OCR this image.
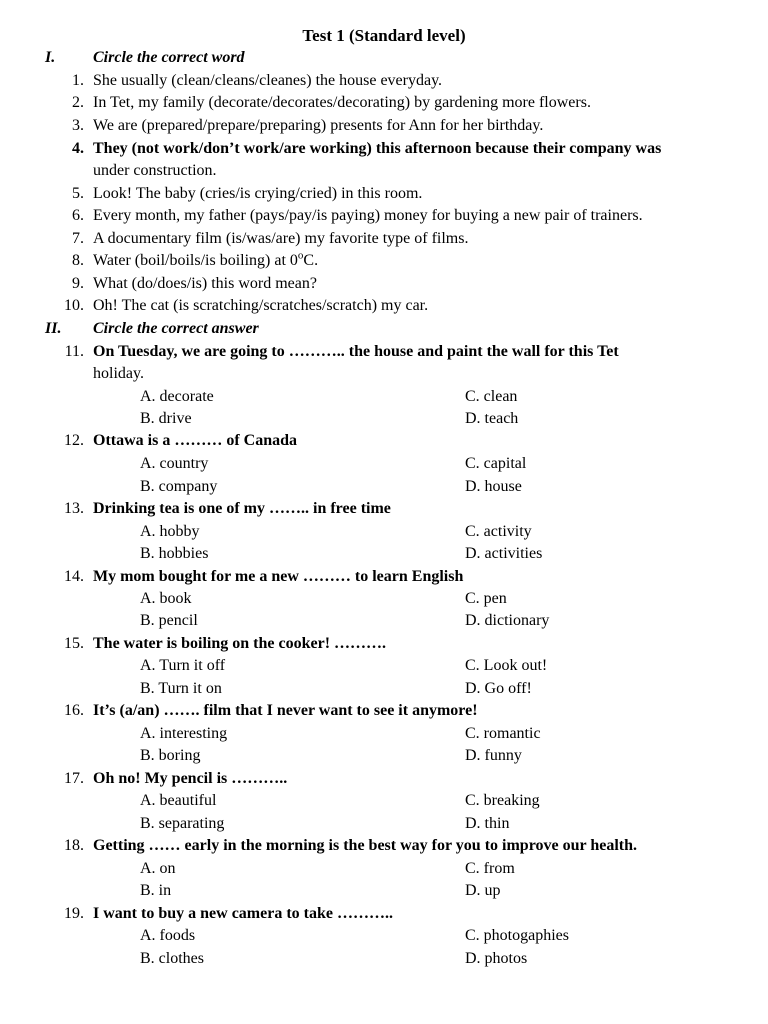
Test 1 (Standard level)
I. Circle the correct word
1. She usually (clean/cleans/cleanes) the house everyday.
2. In Tet, my family (decorate/decorates/decorating) by gardening more flowers.
3. We are (prepared/prepare/preparing) presents for Ann for her birthday.
4. They (not work/don’t work/are working) this afternoon because their company was
under construction.
5. Look! The baby (cries/is crying/cried) in this room.
6. Every month, my father (pays/pay/is paying) money for buying a new pair of trainers.
7. A documentary film (is/was/are) my favorite type of films.
8. Water (boil/boils/is boiling) at 0$^o$C.
9. What (do/does/is) this word mean?
10. Oh! The cat (is scratching/scratches/scratch) my car.
II. Circle the correct answer
11. On Tuesday, we are going to ……….. the house and paint the wall for this Tet
holiday.
A. decorate	C. clean
B. drive	D. teach
12. Ottawa is a ……… of Canada
A. country	C. capital
B. company	D. house
13. Drinking tea is one of my …….. in free time
A. hobby	C. activity
B. hobbies	D. activities
14. My mom bought for me a new ……… to learn English
A. book	C. pen
B. pencil	D. dictionary
15. The water is boiling on the cooker! ……….
A. Turn it off	C. Look out!
B. Turn it on	D. Go off!
16. It’s (a/an) ……. film that I never want to see it anymore!
A. interesting	C. romantic
B. boring	D. funny
17. Oh no! My pencil is ………..
A. beautiful	C. breaking
B. separating	D. thin
18. Getting …… early in the morning is the best way for you to improve our health.
A. on	C. from
B. in	D. up
19. I want to buy a new camera to take ………..
A. foods	C. photogaphies
B. clothes	D. photos
